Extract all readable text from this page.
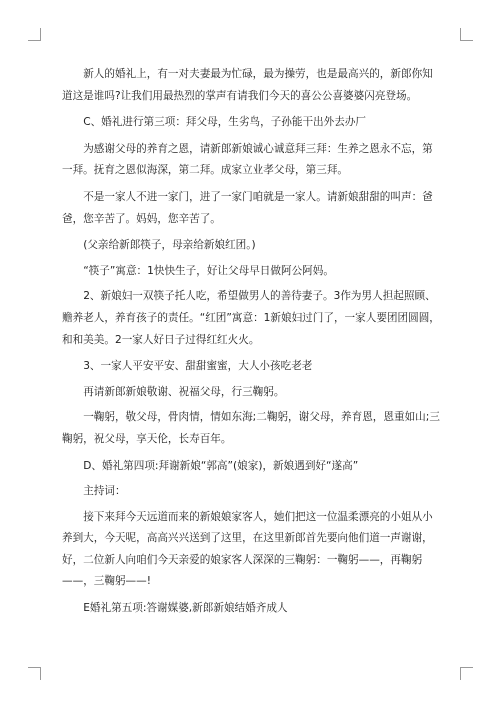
新人的婚礼上，有一对夫妻最为忙碌，最为操劳，也是最高兴的，新郎你知道这是谁吗?让我们用最热烈的掌声有请我们今天的喜公公喜婆婆闪亮登场。

C、婚礼进行第三项：拜父母，生劣鸟，子孙能干出外去办厂

为感谢父母的养育之恩，请新郎新娘诚心诚意拜三拜：生养之恩永不忘，第一拜。抚育之恩似海深，第二拜。成家立业孝父母，第三拜。

不是一家人不进一家门，进了一家门咱就是一家人。请新娘甜甜的叫声：爸爸，您辛苦了。妈妈，您辛苦了。

(父亲给新郎筷子，母亲给新娘红团。)

“筷子”寓意：1快快生子，好让父母早日做阿公阿妈。

2、新娘妇一双筷子托人吃，希望做男人的善待妻子。3作为男人担起照顾、赡养老人，养育孩子的责任。“红团”寓意：1新娘妇过门了，一家人要团团圆圆，和和美美。2一家人好日子过得红红火火。

3、一家人平安平安、甜甜蜜蜜，大人小孩吃老老

再请新郎新娘敬谢、祝福父母，行三鞠躬。

一鞠躬，敬父母，骨肉情，情如东海;二鞠躬，谢父母，养育恩，恩重如山;三鞠躬，祝父母，享天伦，长寿百年。

D、婚礼第四项:拜谢新娘“郭高”(娘家)，新娘遇到好“遂高”

主持词：

接下来拜今天远道而来的新娘娘家客人，她们把这一位温柔漂亮的小姐从小养到大，今天呢，高高兴兴送到了这里，在这里新郎首先要向他们道一声谢谢，好，二位新人向咱们今天亲爱的娘家客人深深的三鞠躬：一鞠躬——，再鞠躬——，三鞠躬——!

E婚礼第五项:答谢媒婆,新郎新娘结婚齐成人
